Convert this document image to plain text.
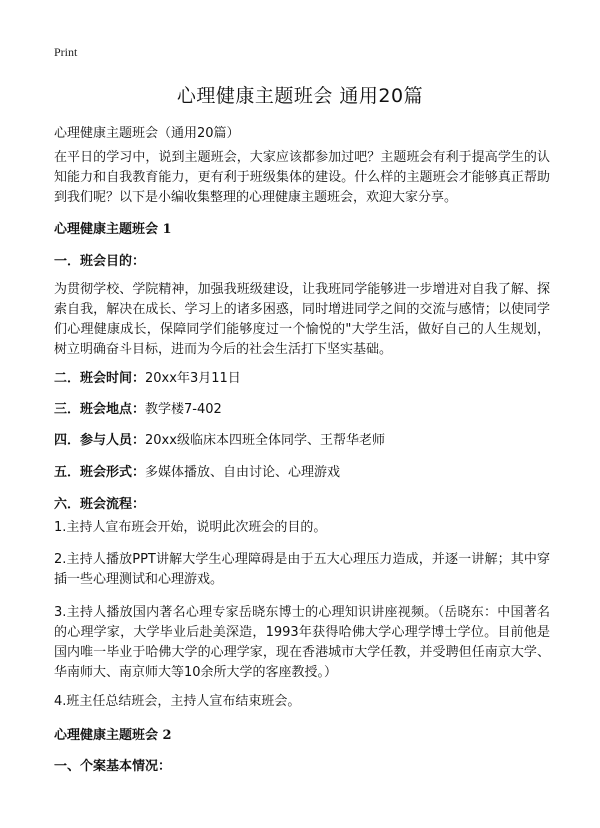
Print
心理健康主题班会 通用20篇
心理健康主题班会（通用20篇）
在平日的学习中，说到主题班会，大家应该都参加过吧？主题班会有利于提高学生的认知能力和自我教育能力，更有利于班级集体的建设。什么样的主题班会才能够真正帮助到我们呢？以下是小编收集整理的心理健康主题班会，欢迎大家分享。
心理健康主题班会 1
一．班会目的：
为贯彻学校、学院精神，加强我班级建设，让我班同学能够进一步增进对自我了解、探索自我，解决在成长、学习上的诸多困惑，同时增进同学之间的交流与感情；以使同学们心理健康成长，保障同学们能够度过一个愉悦的"大学生活，做好自己的人生规划，树立明确奋斗目标，进而为今后的社会生活打下坚实基础。
二．班会时间：20xx年3月11日
三．班会地点：教学楼7-402
四．参与人员：20xx级临床本四班全体同学、王帮华老师
五．班会形式：多媒体播放、自由讨论、心理游戏
六．班会流程：
1.主持人宣布班会开始，说明此次班会的目的。
2.主持人播放PPT讲解大学生心理障碍是由于五大心理压力造成，并逐一讲解；其中穿插一些心理测试和心理游戏。
3.主持人播放国内著名心理专家岳晓东博士的心理知识讲座视频。（岳晓东：中国著名的心理学家，大学毕业后赴美深造，1993年获得哈佛大学心理学博士学位。目前他是国内唯一毕业于哈佛大学的心理学家，现在香港城市大学任教，并受聘但任南京大学、华南师大、南京师大等10余所大学的客座教授。）
4.班主任总结班会，主持人宣布结束班会。
心理健康主题班会 2
一、个案基本情况：
